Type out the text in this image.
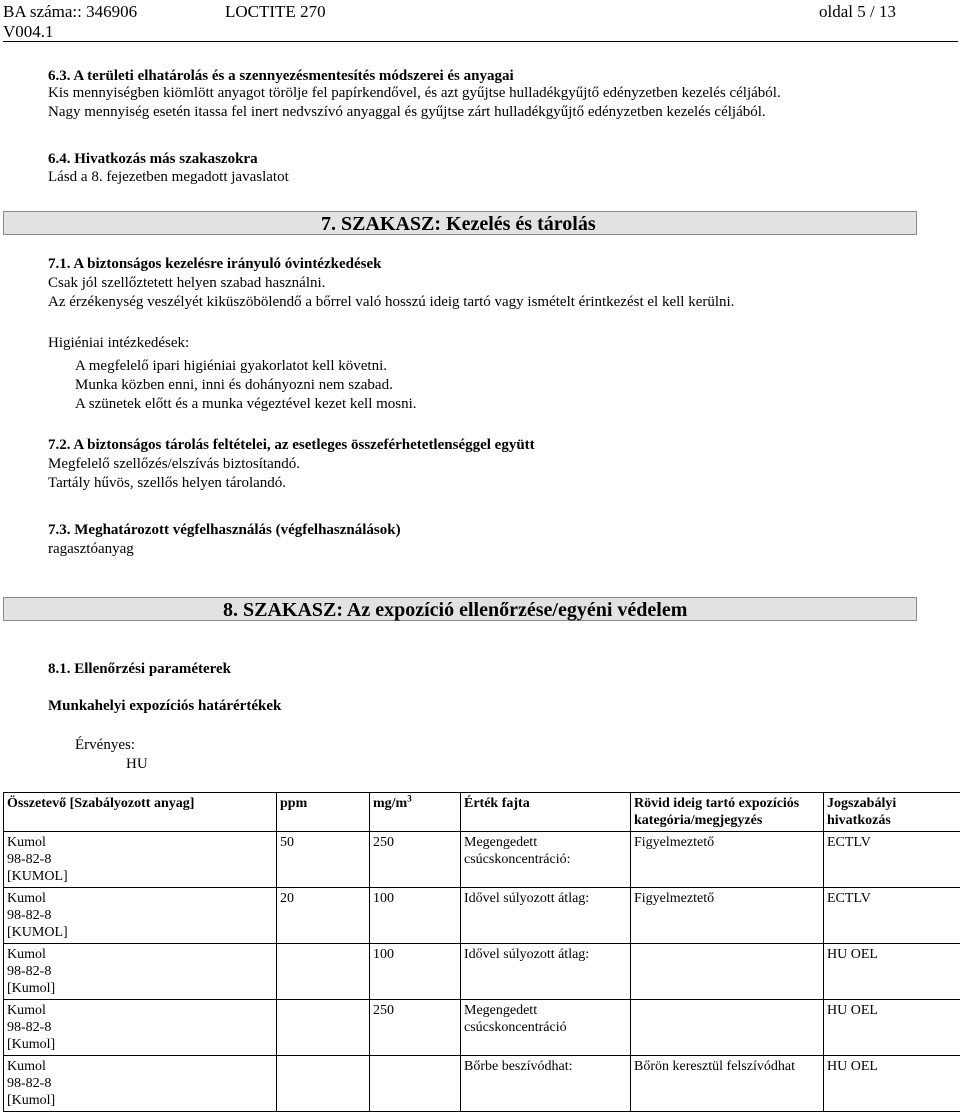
BA száma:: 346906
V004.1
LOCTITE 270	oldal 5 / 13
6.3. A területi elhatárolás és a szennyezésmentesítés módszerei és anyagai
Kis mennyiségben kiömlött anyagot törölje fel papírkendővel, és azt gyűjtse hulladékgyűjtő edényzetben kezelés céljából.
Nagy mennyiség esetén itassa fel inert nedvszívó anyaggal és gyűjtse zárt hulladékgyűjtő edényzetben kezelés céljából.
6.4. Hivatkozás más szakaszokra
Lásd a 8. fejezetben megadott javaslatot
7. SZAKASZ: Kezelés és tárolás
7.1. A biztonságos kezelésre irányuló óvintézkedések
Csak jól szellőztetett helyen szabad használni.
Az érzékenység veszélyét kiküszöbölendő a bőrrel való hosszú ideig tartó vagy ismételt érintkezést el kell kerülni.
Higiéniai intézkedések:
A megfelelő ipari higiéniai gyakorlatot kell követni.
Munka közben enni, inni és dohányozni nem szabad.
A szünetek előtt és a munka végeztével kezet kell mosni.
7.2. A biztonságos tárolás feltételei, az esetleges összeférhetetlenséggel együtt
Megfelelő szellőzés/elszívás biztosítandó.
Tartály hűvös, szellős helyen tárolandó.
7.3. Meghatározott végfelhasználás (végfelhasználások)
ragasztóanyag
8. SZAKASZ: Az expozíció ellenőrzése/egyéni védelem
8.1. Ellenőrzési paraméterek
Munkahelyi expozíciós határértékek
Érvényes:
HU
Összetevő [Szabályozott anyag]	ppm	$mg/m^3$	Érték fajta	Rövid ideig tartó expozíciós
kategória/megjegyzés	Jogszabályi
hivatkozás
Kumol
98-82-8
[KUMOL]	50	250	Megengedett
csúcskoncentráció:	Figyelmeztető	ECTLV
Kumol
98-82-8
[KUMOL]	20	100	Idővel súlyozott átlag:	Figyelmeztető	ECTLV
Kumol
98-82-8
[Kumol]		100	Idővel súlyozott átlag:		HU OEL
Kumol
98-82-8
[Kumol]		250	Megengedett
csúcskoncentráció		HU OEL
Kumol
98-82-8
[Kumol]			Bőrbe beszívódhat:	Bőrön keresztül felszívódhat	HU OEL
